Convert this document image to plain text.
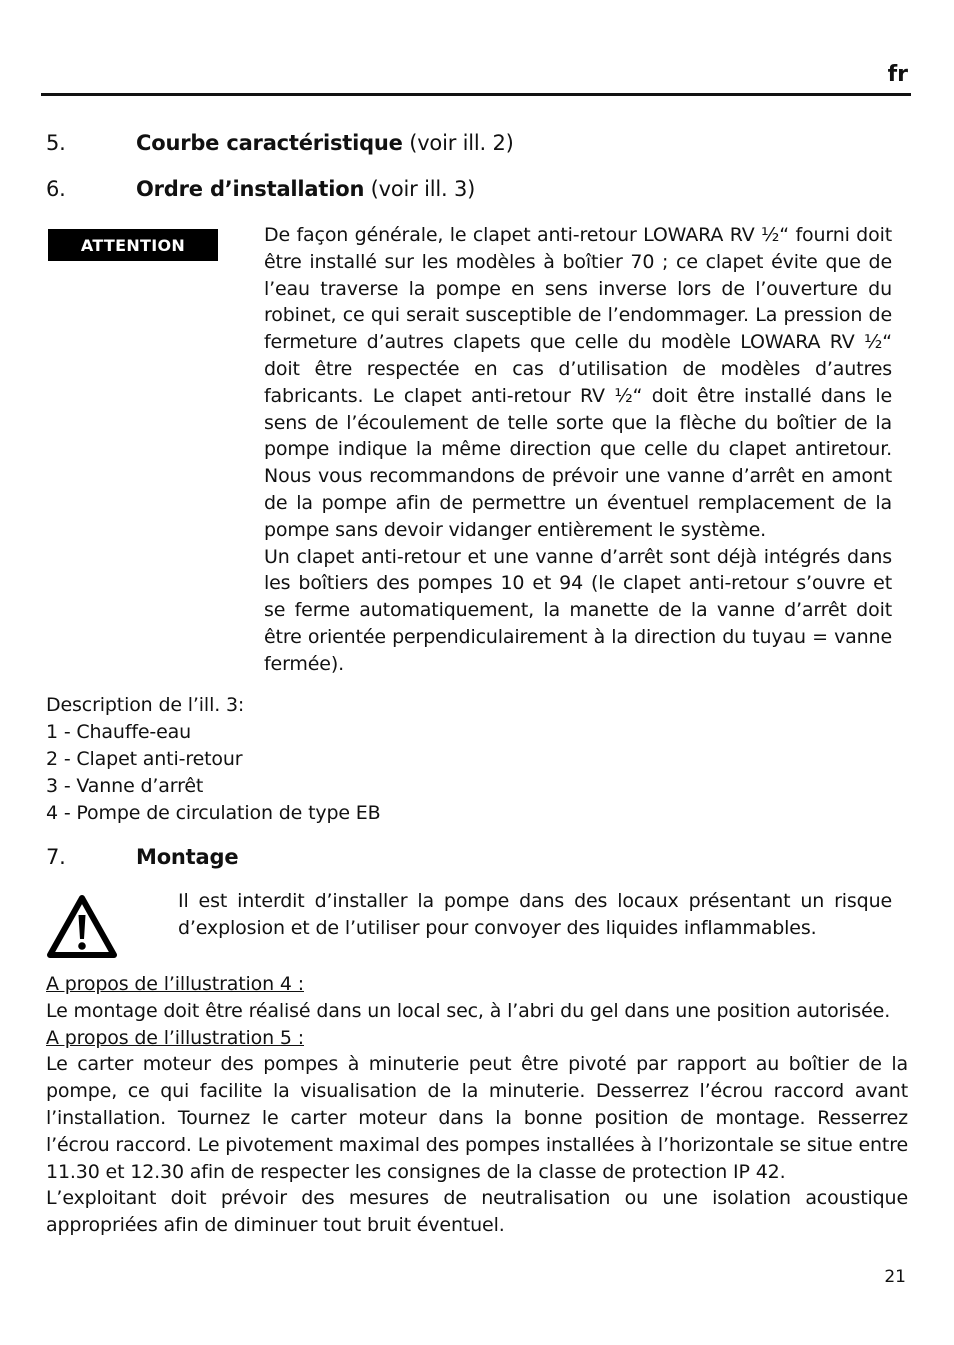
fr
5.	Courbe caractéristique (voir ill. 2)
6.	Ordre d’installation (voir ill. 3)
ATTENTION	De façon générale, le clapet anti-retour LOWARA RV ½“ fourni doit être installé sur les modèles à boîtier 70 ; ce clapet évite que de l’eau traverse la pompe en sens inverse lors de l’ouverture du robinet, ce qui serait susceptible de l’endommager. La pression de fermeture d’autres clapets que celle du modèle LOWARA RV ½“ doit être respectée en cas d’utilisation de modèles d’autres fabricants. Le clapet anti-retour RV ½“ doit être installé dans le sens de l’écoulement de telle sorte que la flèche du boîtier de la pompe indique la même direction que celle du clapet antiretour. Nous vous recommandons de prévoir une vanne d’arrêt en amont de la pompe afin de permettre un éventuel remplacement de la pompe sans devoir vidanger entièrement le système.

Un clapet anti-retour et une vanne d’arrêt sont déjà intégrés dans les boîtiers des pompes 10 et 94 (le clapet anti-retour s’ouvre et se ferme automatiquement, la manette de la vanne d’arrêt doit être orientée perpendiculairement à la direction du tuyau = vanne fermée).

Description de l’ill. 3:
1 - Chauffe-eau
2 - Clapet anti-retour
3 - Vanne d’arrêt
4 - Pompe de circulation de type EB
7.	Montage

Il est interdit d’installer la pompe dans des locaux présentant un risque d’explosion et de l’utiliser pour convoyer des liquides inflammables.

A propos de l’illustration 4 :

Le montage doit être réalisé dans un local sec, à l’abri du gel dans une position autorisée.

A propos de l’illustration 5 :

Le carter moteur des pompes à minuterie peut être pivoté par rapport au boîtier de la pompe, ce qui facilite la visualisation de la minuterie. Desserrez l’écrou raccord avant l’installation. Tournez le carter moteur dans la bonne position de montage. Resserrez l’écrou raccord. Le pivotement maximal des pompes installées à l’horizontale se situe entre 11.30 et 12.30 afin de respecter les consignes de la classe de protection IP 42.

L’exploitant doit prévoir des mesures de neutralisation ou une isolation acoustique appropriées afin de diminuer tout bruit éventuel.

21
